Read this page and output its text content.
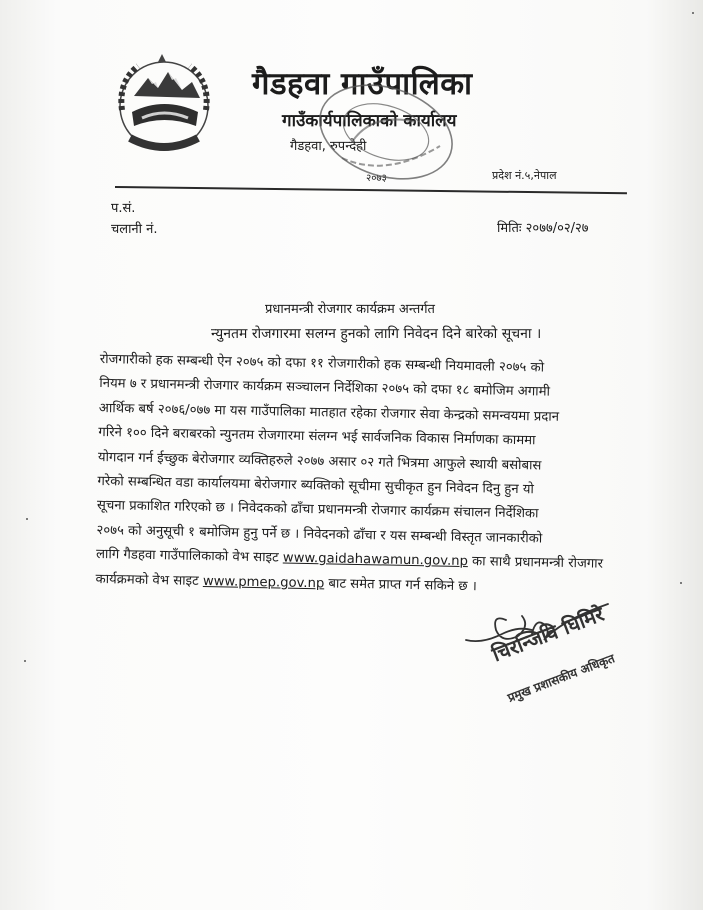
गैडहवा गाउँपालिका
गाउँकार्यपालिकाको कार्यालय
गैडहवा, रुपन्देही
२०७३	प्रदेश नं.५,नेपाल
प.सं.
चलानी नं.	मितिः २०७७/०२/२७
प्रधानमन्त्री रोजगार कार्यक्रम अन्तर्गत
न्युनतम रोजगारमा सलग्न हुनको लागि निवेदन दिने बारेको सूचना ।
रोजगारीको हक सम्बन्धी ऐन २०७५ को दफा ११ रोजगारीको हक सम्बन्धी नियमावली २०७५ को
नियम ७ र प्रधानमन्त्री रोजगार कार्यक्रम सञ्चालन निर्देशिका २०७५ को दफा १८ बमोजिम अगामी
आर्थिक बर्ष २०७६/०७७ मा यस गाउँपालिका मातहात रहेका रोजगार सेवा केन्द्रको समन्वयमा प्रदान
गरिने १०० दिने बराबरको न्युनतम रोजगारमा संलग्न भई सार्वजनिक विकास निर्माणका काममा
योगदान गर्न ईच्छुक बेरोजगार व्यक्तिहरुले २०७७ असार ०२ गते भित्रमा आफुले स्थायी बसोबास
गरेको सम्बन्धित वडा कार्यालयमा बेरोजगार ब्यक्तिको सूचीमा सुचीकृत हुन निवेदन दिनु हुन यो
सूचना प्रकाशित गरिएको छ । निवेदकको ढाँचा प्रधानमन्त्री रोजगार कार्यक्रम संचालन निर्देशिका
२०७५ को अनुसूची १ बमोजिम हुनु पर्ने छ । निवेदनको ढाँचा र यस सम्बन्धी विस्तृत जानकारीको
लागि गैडहवा गाउँपालिकाको वेभ साइट www.gaidahawamun.gov.np का साथै प्रधानमन्त्री रोजगार
कार्यक्रमको वेभ साइट www.pmep.gov.np बाट समेत प्राप्त गर्न सकिने छ ।
चिरन्जिवि घिमिरे
प्रमुख प्रशासकीय अधिकृत
